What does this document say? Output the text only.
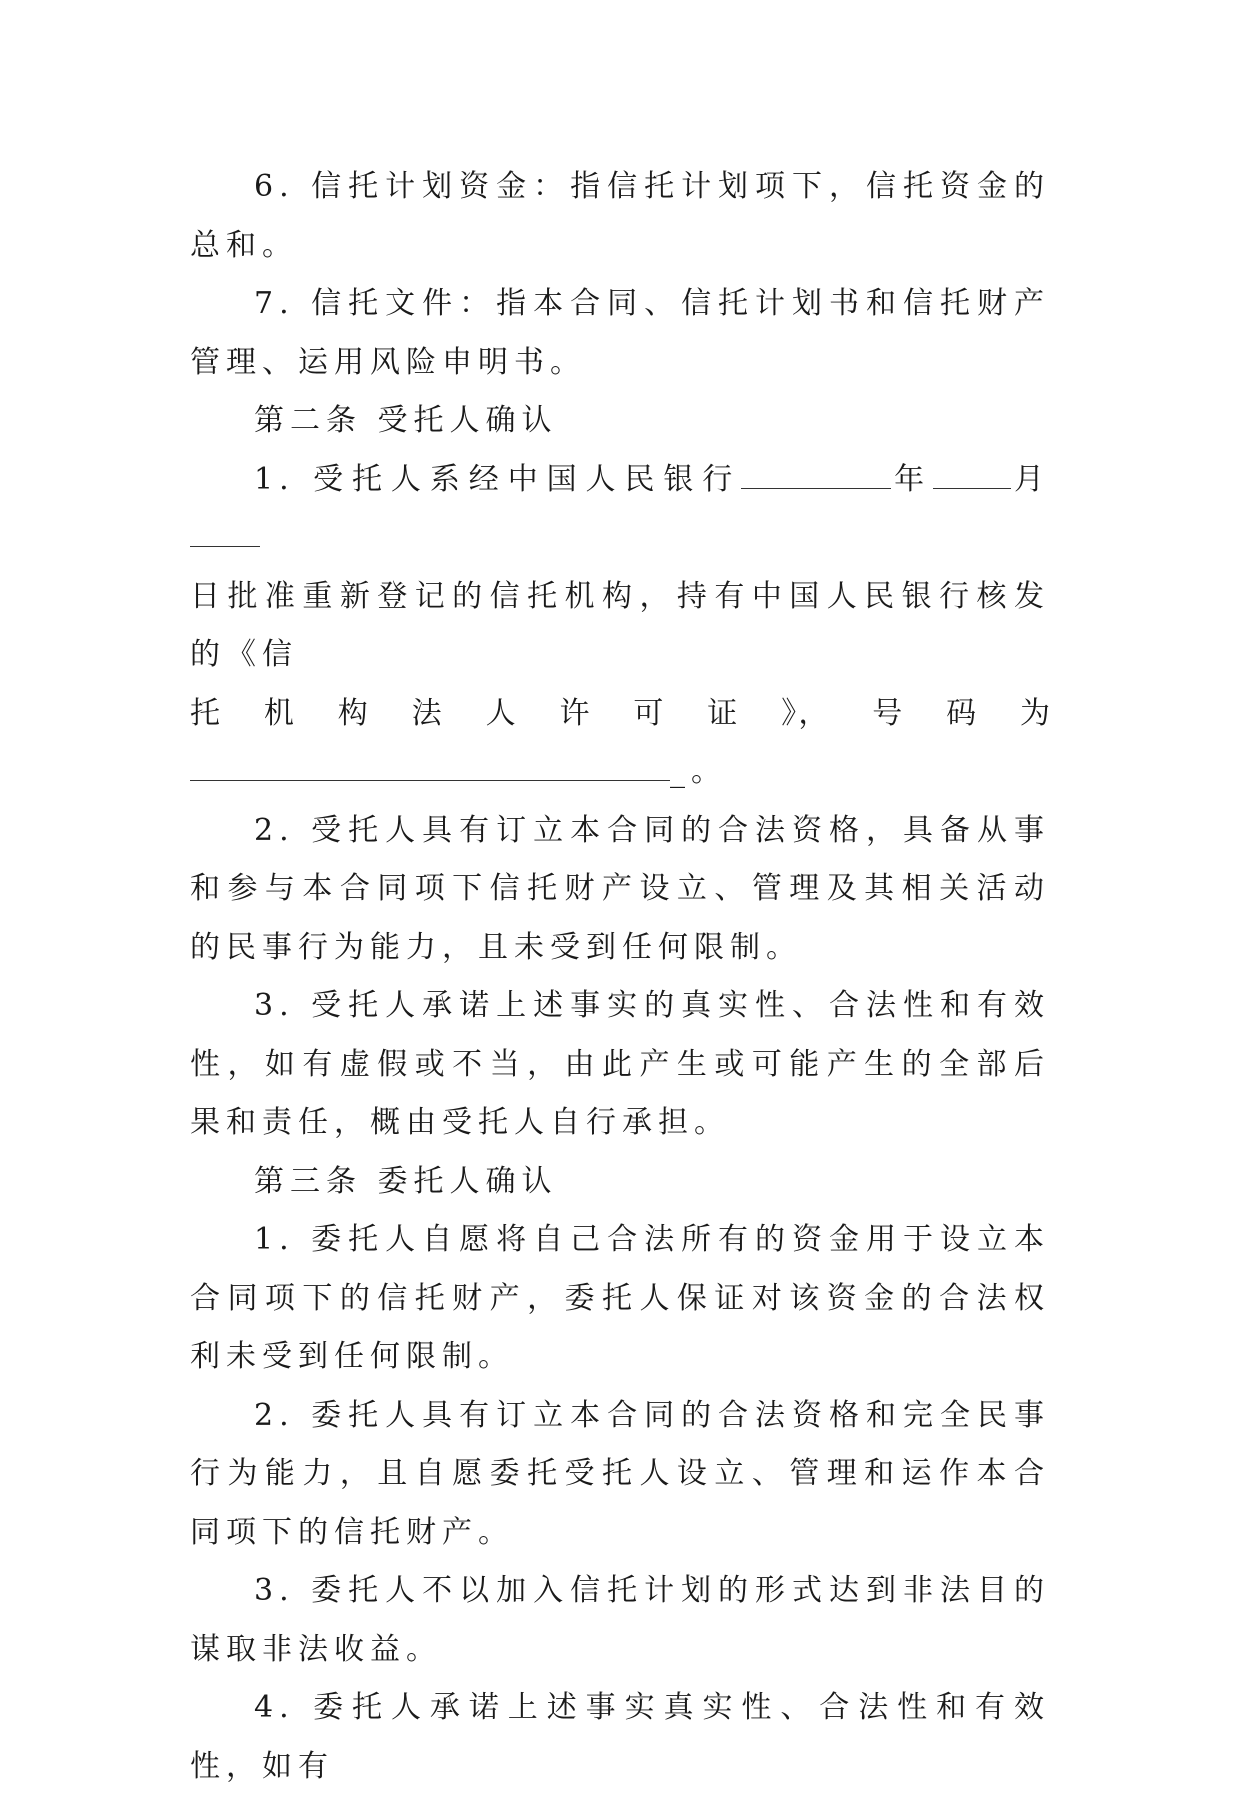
6. 信托计划资金：指信托计划项下，信托资金的总和。

7. 信托文件：指本合同、信托计划书和信托财产管理、运用风险申明书。

第二条 受托人确认

1. 受托人系经中国人民银行	年	月

日批准重新登记的信托机构，持有中国人民银行核发的《信

托 机 构 法 人 许 可 证 》， 号 码 为

_。

2. 受托人具有订立本合同的合法资格，具备从事和参与本合同项下信托财产设立、管理及其相关活动的民事行为能力，且未受到任何限制。

3. 受托人承诺上述事实的真实性、合法性和有效性，如有虚假或不当，由此产生或可能产生的全部后果和责任，概由受托人自行承担。

第三条 委托人确认

1. 委托人自愿将自己合法所有的资金用于设立本合同项下的信托财产，委托人保证对该资金的合法权利未受到任何限制。

2. 委托人具有订立本合同的合法资格和完全民事行为能力，且自愿委托受托人设立、管理和运作本合同项下的信托财产。

3. 委托人不以加入信托计划的形式达到非法目的谋取非法收益。

4. 委托人承诺上述事实真实性、合法性和有效性，如有
